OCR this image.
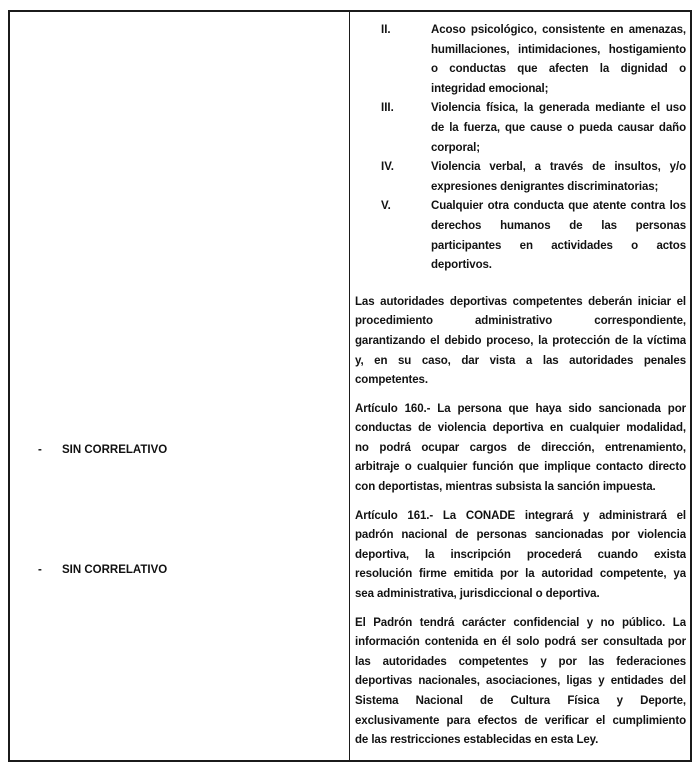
-	SIN CORRELATIVO
-	SIN CORRELATIVO
II.	Acoso psicológico, consistente en amenazas,
humillaciones, intimidaciones, hostigamiento
o conductas que afecten la dignidad o
integridad emocional;
III.	Violencia física, la generada mediante el uso
de la fuerza, que cause o pueda causar daño
corporal;
IV.	Violencia verbal, a través de insultos, y/o
expresiones denigrantes discriminatorias;
V.	Cualquier otra conducta que atente contra los
derechos humanos de las personas
participantes en actividades o actos
deportivos.
Las autoridades deportivas competentes deberán iniciar el
procedimiento administrativo correspondiente,
garantizando el debido proceso, la protección de la víctima
y, en su caso, dar vista a las autoridades penales
competentes.
Artículo 160.- La persona que haya sido sancionada por
conductas de violencia deportiva en cualquier modalidad,
no podrá ocupar cargos de dirección, entrenamiento,
arbitraje o cualquier función que implique contacto directo
con deportistas, mientras subsista la sanción impuesta.
Artículo 161.- La CONADE integrará y administrará el
padrón nacional de personas sancionadas por violencia
deportiva, la inscripción procederá cuando exista
resolución firme emitida por la autoridad competente, ya
sea administrativa, jurisdiccional o deportiva.
El Padrón tendrá carácter confidencial y no público. La
información contenida en él solo podrá ser consultada por
las autoridades competentes y por las federaciones
deportivas nacionales, asociaciones, ligas y entidades del
Sistema Nacional de Cultura Física y Deporte,
exclusivamente para efectos de verificar el cumplimiento
de las restricciones establecidas en esta Ley.
